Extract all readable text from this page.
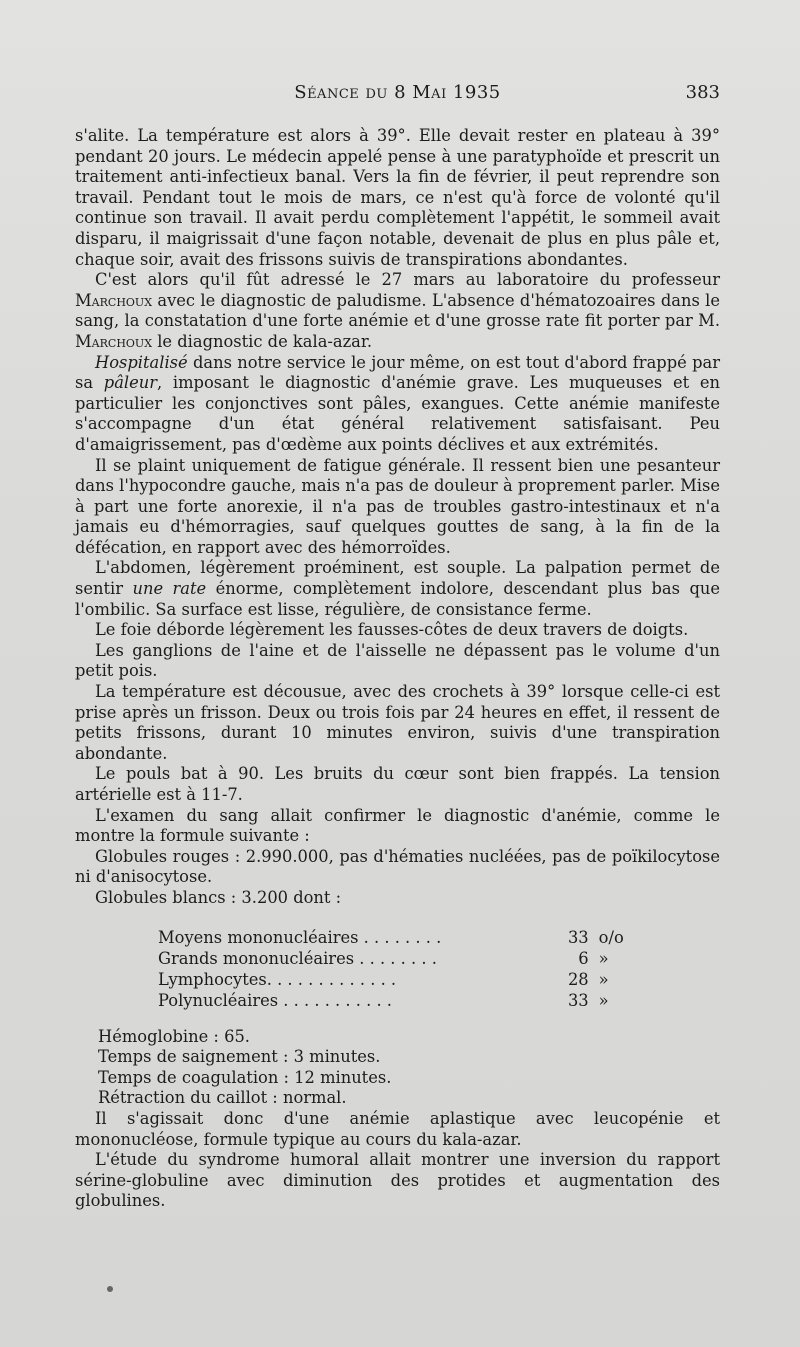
Séance du 8 Mai 1935	383

s'alite. La température est alors à 39°. Elle devait rester en plateau à 39° pendant 20 jours. Le médecin appelé pense à une paratyphoïde et prescrit un traitement anti-infectieux banal. Vers la fin de février, il peut reprendre son travail. Pendant tout le mois de mars, ce n'est qu'à force de volonté qu'il continue son travail. Il avait perdu complètement l'appétit, le sommeil avait disparu, il maigrissait d'une façon notable, devenait de plus en plus pâle et, chaque soir, avait des frissons suivis de transpirations abondantes.

C'est alors qu'il fût adressé le 27 mars au laboratoire du professeur Marchoux avec le diagnostic de paludisme. L'absence d'hématozoaires dans le sang, la constatation d'une forte anémie et d'une grosse rate fit porter par M. Marchoux le diagnostic de kala-azar.

Hospitalisé dans notre service le jour même, on est tout d'abord frappé par sa pâleur, imposant le diagnostic d'anémie grave. Les muqueuses et en particulier les conjonctives sont pâles, exangues. Cette anémie manifeste s'accompagne d'un état général relativement satisfaisant. Peu d'amaigrissement, pas d'œdème aux points déclives et aux extrémités.

Il se plaint uniquement de fatigue générale. Il ressent bien une pesanteur dans l'hypocondre gauche, mais n'a pas de douleur à proprement parler. Mise à part une forte anorexie, il n'a pas de troubles gastro-intestinaux et n'a jamais eu d'hémorragies, sauf quelques gouttes de sang, à la fin de la défécation, en rapport avec des hémorroïdes.

L'abdomen, légèrement proéminent, est souple. La palpation permet de sentir une rate énorme, complètement indolore, descendant plus bas que l'ombilic. Sa surface est lisse, régulière, de consistance ferme.

Le foie déborde légèrement les fausses-côtes de deux travers de doigts.

Les ganglions de l'aine et de l'aisselle ne dépassent pas le volume d'un petit pois.

La température est décousue, avec des crochets à 39° lorsque celle-ci est prise après un frisson. Deux ou trois fois par 24 heures en effet, il ressent de petits frissons, durant 10 minutes environ, suivis d'une transpiration abondante.

Le pouls bat à 90. Les bruits du cœur sont bien frappés. La tension artérielle est à 11-7.

L'examen du sang allait confirmer le diagnostic d'anémie, comme le montre la formule suivante :

Globules rouges : 2.990.000, pas d'hématies nucléées, pas de poïkilocytose ni d'anisocytose.

Globules blancs : 3.200 dont :

Moyens mononucléaires . . . . . . . .	33 o/o
Grands mononucléaires . . . . . . . .	6 »
Lymphocytes. . . . . . . . . . . . .	28 »
Polynucléaires . . . . . . . . . . .	33 »

Hémoglobine : 65.

Temps de saignement : 3 minutes.

Temps de coagulation : 12 minutes.

Rétraction du caillot : normal.

Il s'agissait donc d'une anémie aplastique avec leucopénie et mononucléose, formule typique au cours du kala-azar.

L'étude du syndrome humoral allait montrer une inversion du rapport sérine-globuline avec diminution des protides et augmentation des globulines.
